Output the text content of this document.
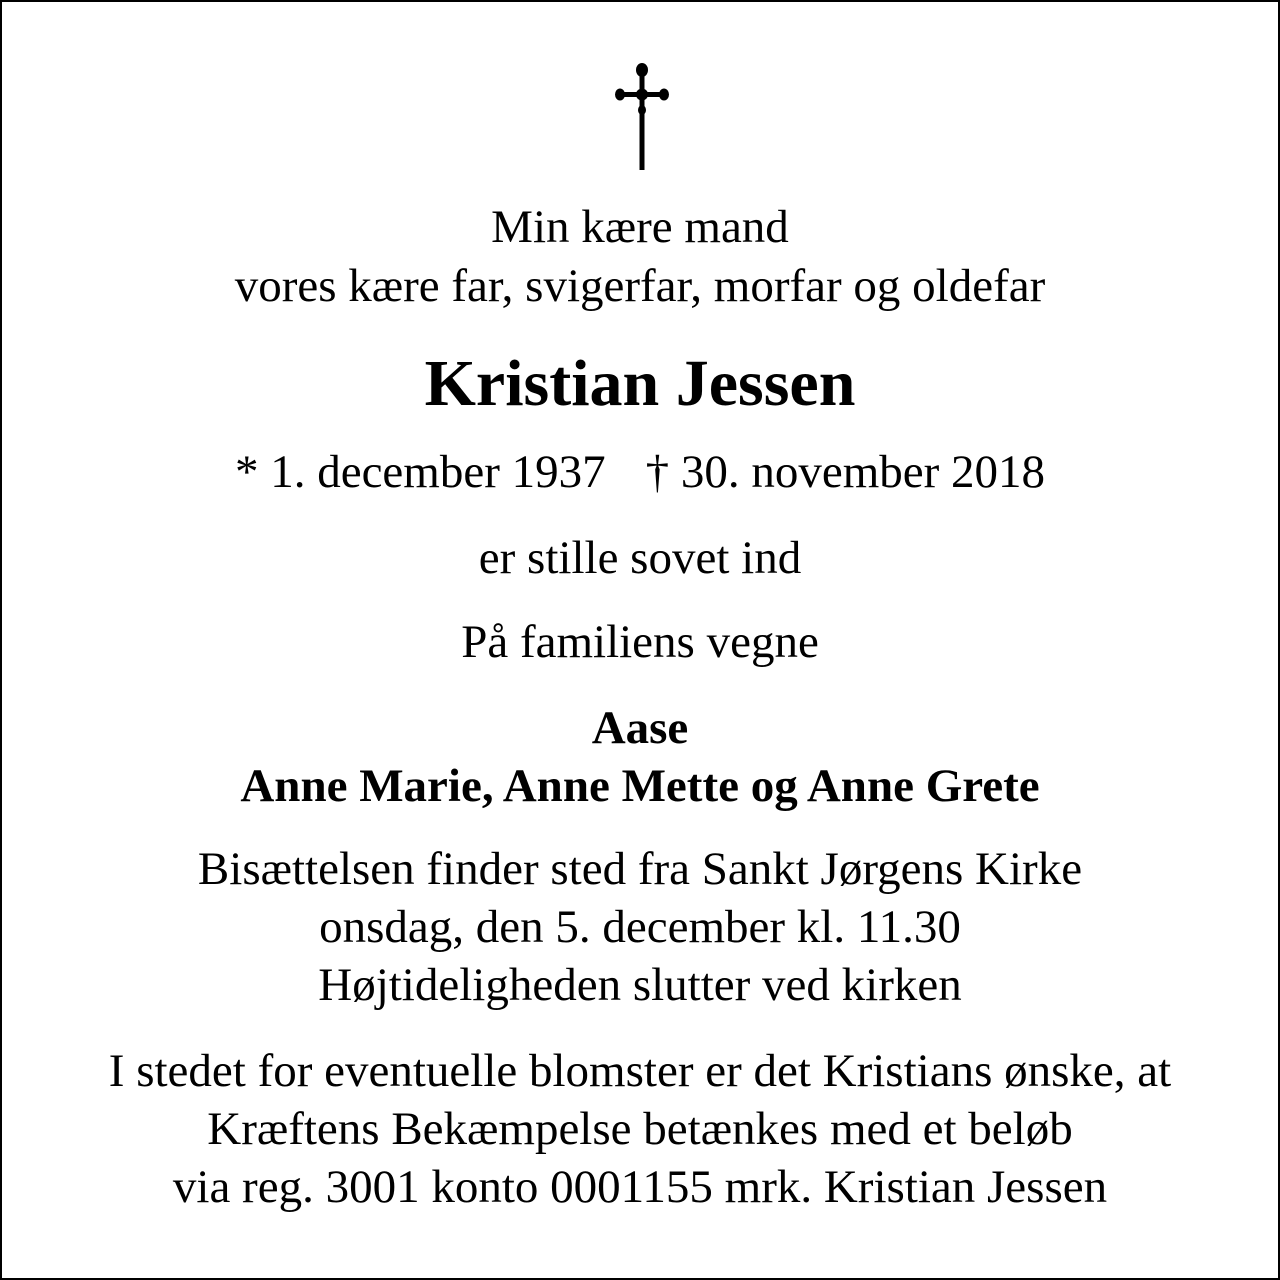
Min kære mand
vores kære far, svigerfar, morfar og oldefar
Kristian Jessen
* 1. december 1937 † 30. november 2018
er stille sovet ind
På familiens vegne
Aase
Anne Marie, Anne Mette og Anne Grete
Bisættelsen finder sted fra Sankt Jørgens Kirke
onsdag, den 5. december kl. 11.30
Højtideligheden slutter ved kirken
I stedet for eventuelle blomster er det Kristians ønske, at
Kræftens Bekæmpelse betænkes med et beløb
via reg. 3001 konto 0001155 mrk. Kristian Jessen
